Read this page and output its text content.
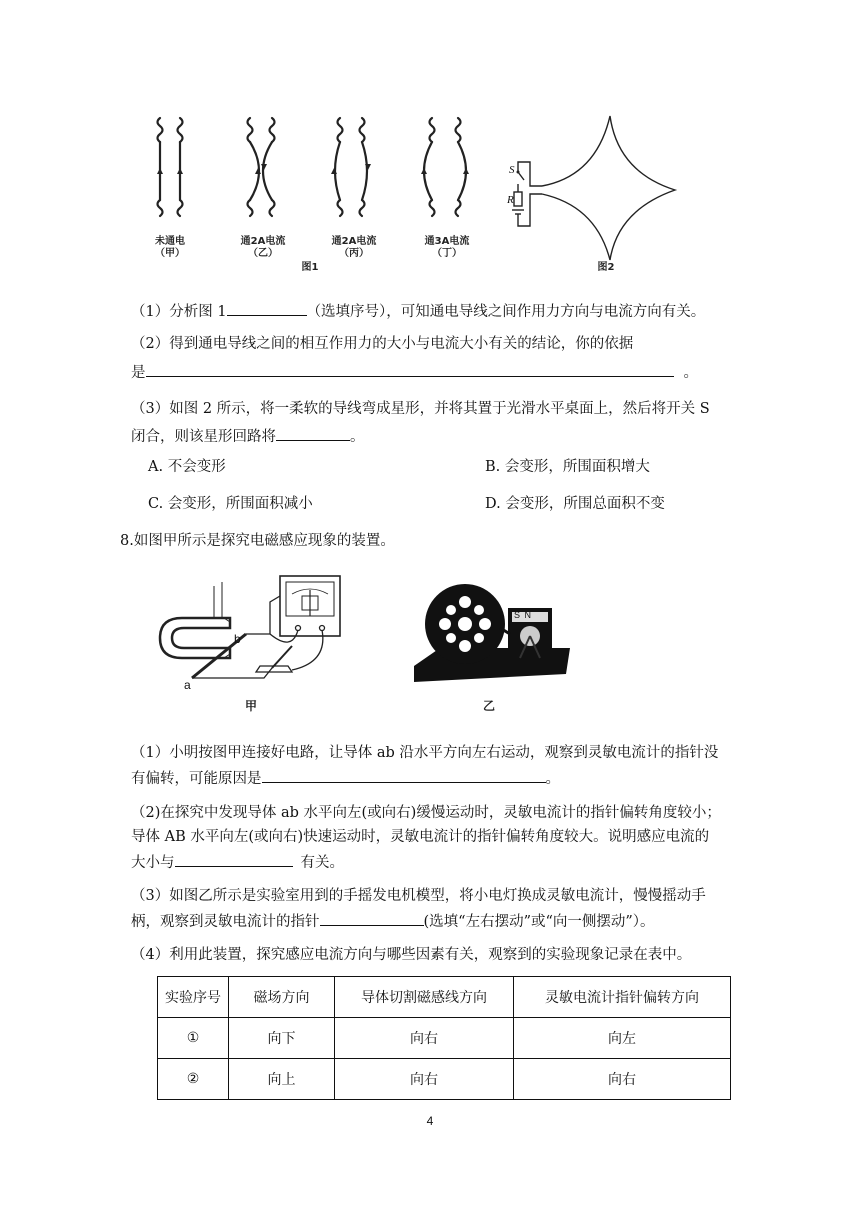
未通电
（甲）
通2A电流
（乙）
通2A电流
（丙）
通3A电流
（丁）
图1
S
R
图2
（1）分析图 1	（选填序号），可知通电导线之间作用力方向与电流方向有关。
（2）得到通电导线之间的相互作用力的大小与电流大小有关的结论，你的依据
是	。
（3）如图 2 所示，将一柔软的导线弯成星形，并将其置于光滑水平桌面上，然后将开关 S
闭合，则该星形回路将	。
A. 不会变形	B. 会变形，所围面积增大
C. 会变形，所围面积减小	D. 会变形，所围总面积不变
8.如图甲所示是探究电磁感应现象的装置。
a
b
甲
S N
乙
（1）小明按图甲连接好电路，让导体 ab 沿水平方向左右运动，观察到灵敏电流计的指针没
有偏转，可能原因是	。
（2)在探究中发现导体 ab 水平向左(或向右)缓慢运动时，灵敏电流计的指针偏转角度较小；
导体 AB 水平向左(或向右)快速运动时，灵敏电流计的指针偏转角度较大。说明感应电流的
大小与	有关。
（3）如图乙所示是实验室用到的手摇发电机模型，将小电灯换成灵敏电流计，慢慢摇动手
柄，观察到灵敏电流计的指针	(选填“左右摆动”或“向一侧摆动”）。
（4）利用此装置，探究感应电流方向与哪些因素有关，观察到的实验现象记录在表中。
实验序号	磁场方向	导体切割磁感线方向	灵敏电流计指针偏转方向
①	向下	向右	向左
②	向上	向右	向右
4
